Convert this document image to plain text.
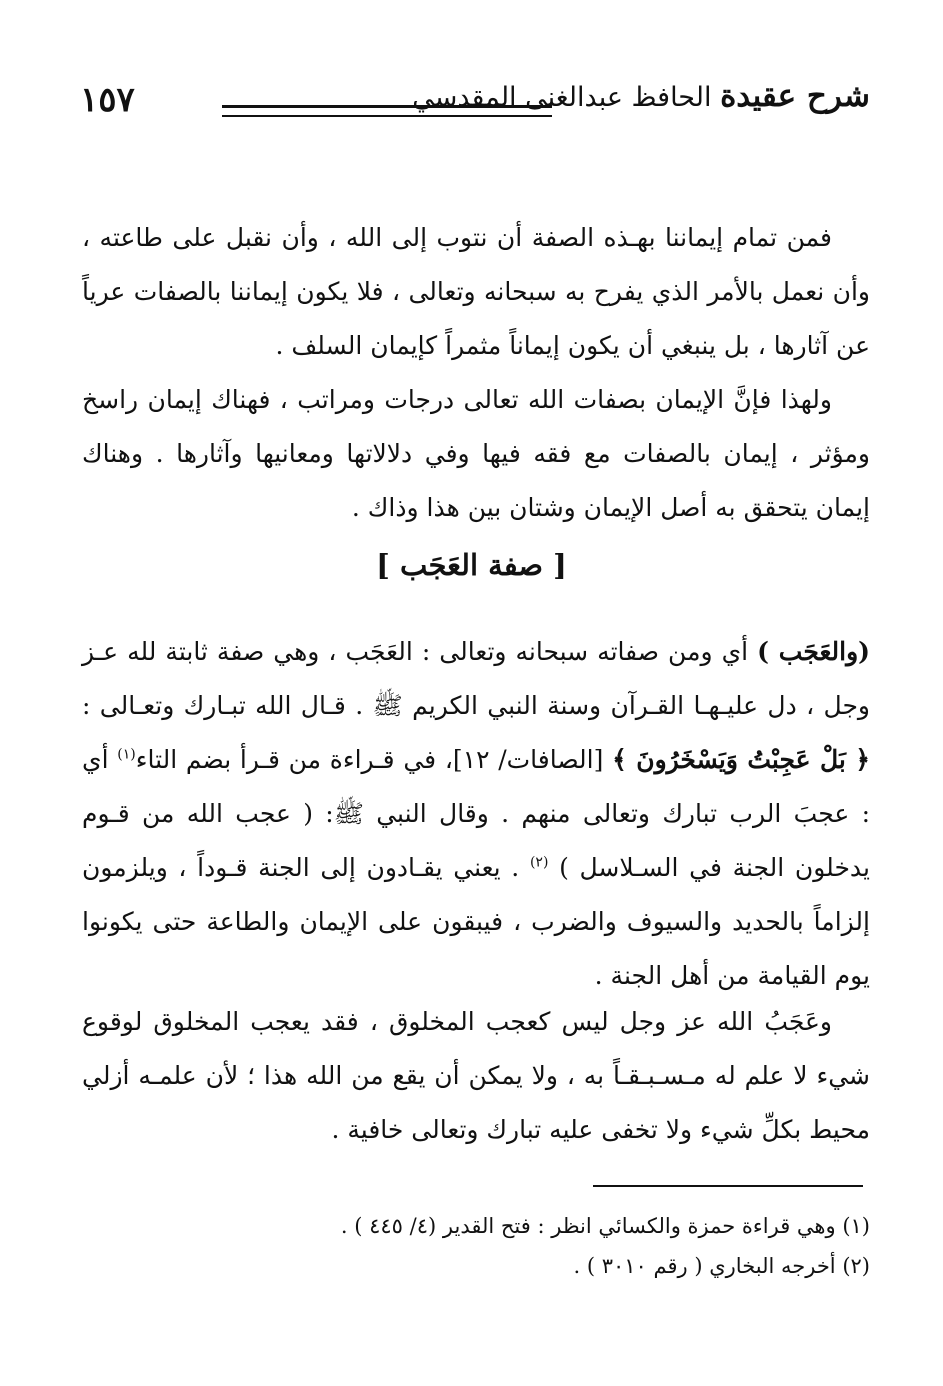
١٥٧	شرح عقيدة الحافظ عبدالغنى المقدسي

فمن تمام إيماننا بهـذه الصفة أن نتوب إلى الله ، وأن نقبل على طاعته ، وأن نعمل بالأمر الذي يفرح به سبحانه وتعالى ، فلا يكون إيماننا بالصفات عرياً عن آثارها ، بل ينبغي أن يكون إيماناً مثمراً كإيمان السلف .

ولهذا فإنَّ الإيمان بصفات الله تعالى درجات ومراتب ، فهناك إيمان راسخ ومؤثر ، إيمان بالصفات مع فقه فيها وفي دلالاتها ومعانيها وآثارها . وهناك إيمان يتحقق به أصل الإيمان وشتان بين هذا وذاك .

[ صفة العَجَب ]

(والعَجَب ) أي ومن صفاته سبحانه وتعالى : العَجَب ، وهي صفة ثابتة لله عـز وجل ، دل عليـهـا القـرآن وسنة النبي الكريم ﷺ . قـال الله تبـارك وتعـالى : ﴿ بَلْ عَجِبْتُ وَيَسْخَرُونَ ﴾ [الصافات/ ١٢]، في قـراءة من قـرأ بضم التاء$^{(١)}$ أي : عجبَ الرب تبارك وتعالى منهم . وقال النبي ﷺ: ( عجب الله من قـوم يدخلون الجنة في السـلاسل ) $^{(٢)}$ . يعني يقـادون إلى الجنة قـوداً ، ويلزمون إلزاماً بالحديد والسيوف والضرب ، فيبقون على الإيمان والطاعة حتى يكونوا يوم القيامة من أهل الجنة .

وعَجَبُ الله عز وجل ليس كعجب المخلوق ، فقد يعجب المخلوق لوقوع شيء لا علم له مـسـبـقـاً به ، ولا يمكن أن يقع من الله هذا ؛ لأن علمـه أزلي محيط بكلِّ شيء ولا تخفى عليه تبارك وتعالى خافية .

(١) وهي قراءة حمزة والكسائي انظر : فتح القدير (٤/ ٤٤٥ ) .
(٢) أخرجه البخاري ( رقم ٣٠١٠ ) .
